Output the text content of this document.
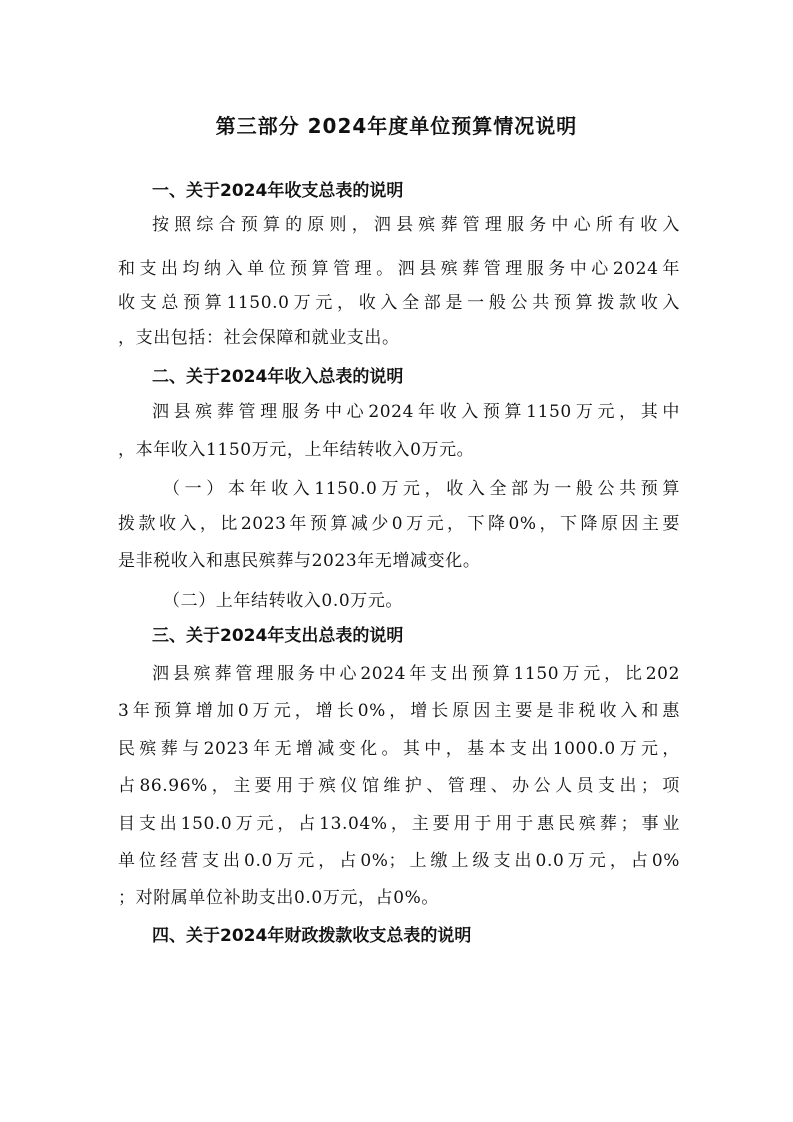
第三部分 2024年度单位预算情况说明
一、关于2024年收支总表的说明
按照综合预算的原则，泗县殡葬管理服务中心所有收入
和支出均纳入单位预算管理。泗县殡葬管理服务中心2024年
收支总预算1150.0万元，收入全部是一般公共预算拨款收入
，支出包括：社会保障和就业支出。
二、关于2024年收入总表的说明
泗县殡葬管理服务中心2024年收入预算1150万元，其中
，本年收入1150万元，上年结转收入0万元。
（一）本年收入1150.0万元，收入全部为一般公共预算
拨款收入，比2023年预算减少0万元，下降0%，下降原因主要
是非税收入和惠民殡葬与2023年无增减变化。
（二）上年结转收入0.0万元。
三、关于2024年支出总表的说明
泗县殡葬管理服务中心2024年支出预算1150万元，比202
3年预算增加0万元，增长0%，增长原因主要是非税收入和惠
民殡葬与2023年无增减变化。其中，基本支出1000.0万元，
占86.96%，主要用于殡仪馆维护、管理、办公人员支出；项
目支出150.0万元，占13.04%，主要用于用于惠民殡葬；事业
单位经营支出0.0万元，占0%；上缴上级支出0.0万元，占0%
；对附属单位补助支出0.0万元，占0%。
四、关于2024年财政拨款收支总表的说明
